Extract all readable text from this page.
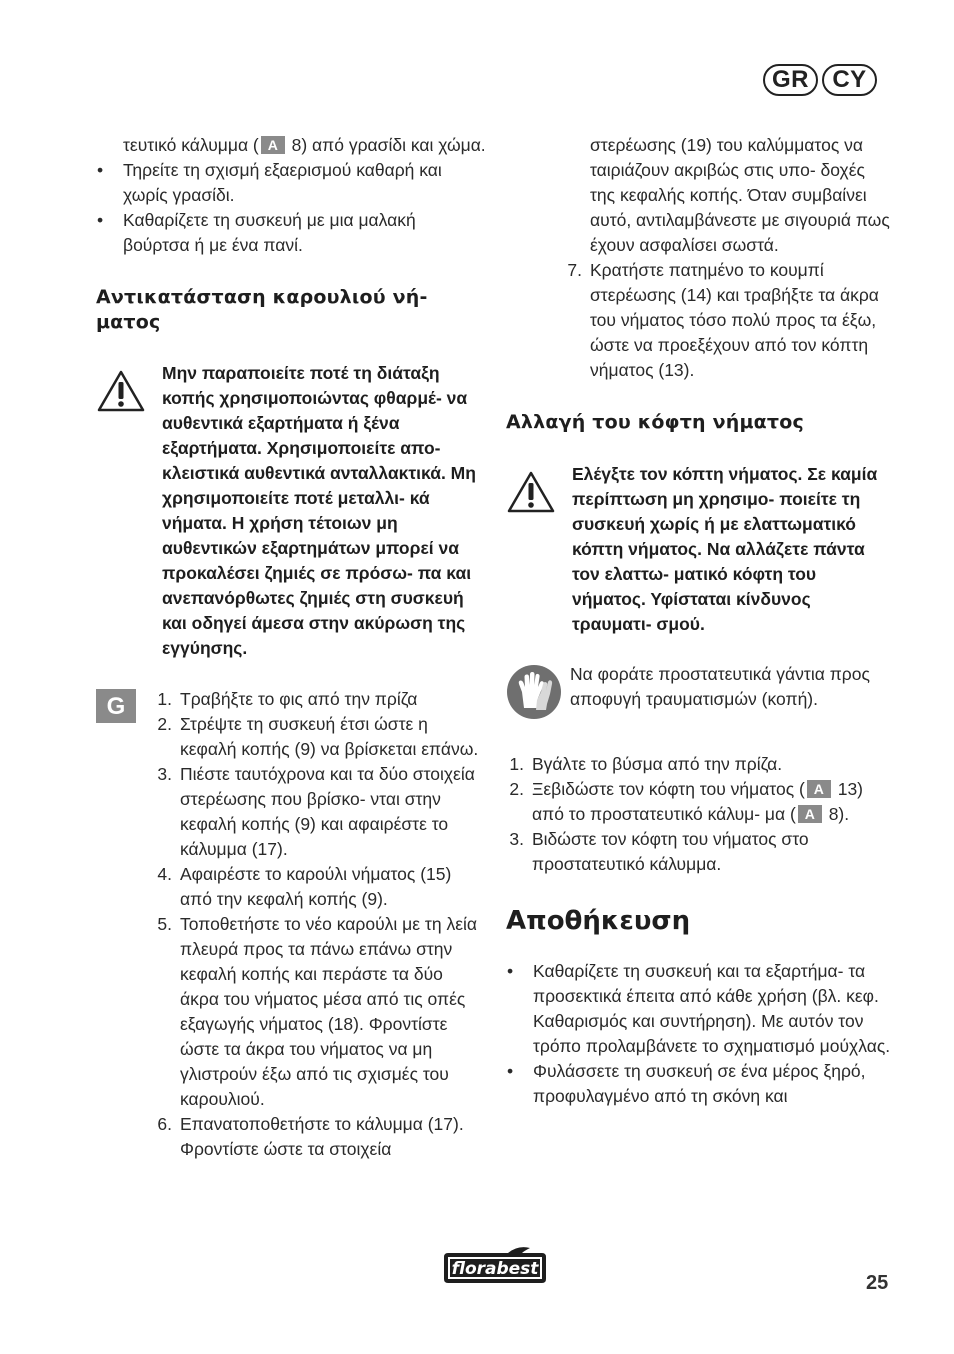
GR CY
τευτικό κάλυμμα ( A 8) από γρασίδι και χώμα.
• Τηρείτε τη σχισμή εξαερισμού καθαρή και χωρίς γρασίδι.
• Καθαρίζετε τη συσκευή με μια μαλακή βούρτσα ή με ένα πανί.
Αντικατάσταση καρουλιού νή- ματος
Μην παραποιείτε ποτέ τη διάταξη κοπής χρησιμοποιώντας φθαρμέ- να αυθεντικά εξαρτήματα ή ξένα εξαρτήματα. Χρησιμοποιείτε απο- κλειστικά αυθεντικά ανταλλακτικά. Μη χρησιμοποιείτε ποτέ μεταλλι- κά νήματα. Η χρήση τέτοιων μη αυθεντικών εξαρτημάτων μπορεί να προκαλέσει ζημιές σε πρόσω- πα και ανεπανόρθωτες ζημιές στη συσκευή και οδηγεί άμεσα στην ακύρωση της εγγύησης.
G	1. Τραβήξτε το φις από την πρίζα
2. Στρέψτε τη συσκευή έτσι ώστε η κεφαλή κοπής (9) να βρίσκεται επάνω.
3. Πιέστε ταυτόχρονα και τα δύο στοιχεία στερέωσης που βρίσκο- νται στην κεφαλή κοπής (9) και αφαιρέστε το κάλυμμα (17).
4. Αφαιρέστε το καρούλι νήματος (15) από την κεφαλή κοπής (9).
5. Τοποθετήστε το νέο καρούλι με τη λεία πλευρά προς τα πάνω επάνω στην κεφαλή κοπής και περάστε τα δύο άκρα του νήματος μέσα από τις οπές εξαγωγής νήματος (18). Φροντίστε ώστε τα άκρα του νήματος να μη γλιστρούν έξω από τις σχισμές του καρουλιού.
6. Επανατοποθετήστε το κάλυμμα (17). Φροντίστε ώστε τα στοιχεία
στερέωσης (19) του καλύμματος να ταιριάζουν ακριβώς στις υπο- δοχές της κεφαλής κοπής. Όταν συμβαίνει αυτό, αντιλαμβάνεστε με σιγουριά πως έχουν ασφαλίσει σωστά.
7. Κρατήστε πατημένο το κουμπί στερέωσης (14) και τραβήξτε τα άκρα του νήματος τόσο πολύ προς τα έξω, ώστε να προεξέχουν από τον κόπτη νήματος (13).
Αλλαγή του κόφτη νήματος
Ελέγξτε τον κόπτη νήματος. Σε καμία περίπτωση μη χρησιμο- ποιείτε τη συσκευή χωρίς ή με ελαττωματικό κόπτη νήματος. Να αλλάζετε πάντα τον ελαττω- ματικό κόφτη του νήματος. Υφίσταται κίνδυνος τραυματι- σμού.
Να φοράτε προστατευτικά γάντια προς αποφυγή τραυματισμών (κοπή).
1. Βγάλτε το βύσμα από την πρίζα.
2. Ξεβιδώστε τον κόφτη του νήματος ( A 13) από το προστατευτικό κάλυμ- μα ( A 8).
3. Βιδώστε τον κόφτη του νήματος στο προστατευτικό κάλυμμα.
Αποθήκευση
• Καθαρίζετε τη συσκευή και τα εξαρτήμα- τα προσεκτικά έπειτα από κάθε χρήση (βλ. κεφ. Καθαρισμός και συντήρηση). Με αυτόν τον τρόπο προλαμβάνετε το σχηματισμό μούχλας.
• Φυλάσσετε τη συσκευή σε ένα μέρος ξηρό, προφυλαγμένο από τη σκόνη και
florabest
25
